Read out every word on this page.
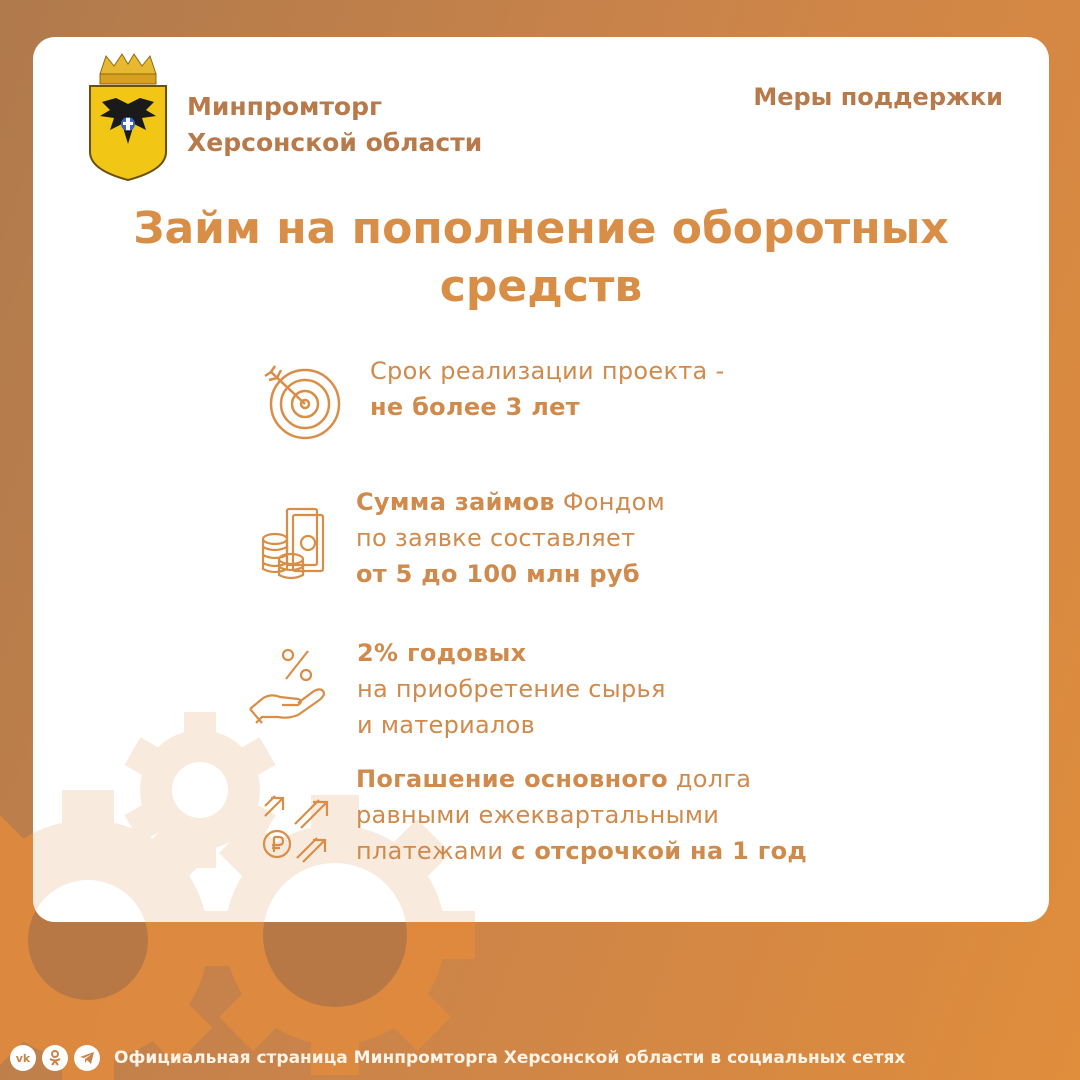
Минпромторг
Херсонской области
Меры поддержки
Займ на пополнение оборотных
средств
Срок реализации проекта -
не более 3 лет
Сумма займов Фондом
по заявке составляет
от 5 до 100 млн руб
2% годовых
на приобретение сырья
и материалов
Погашение основного долга
равными ежеквартальными
платежами с отсрочкой на 1 год
vk	Официальная страница Минпромторга Херсонской области в социальных сетях
